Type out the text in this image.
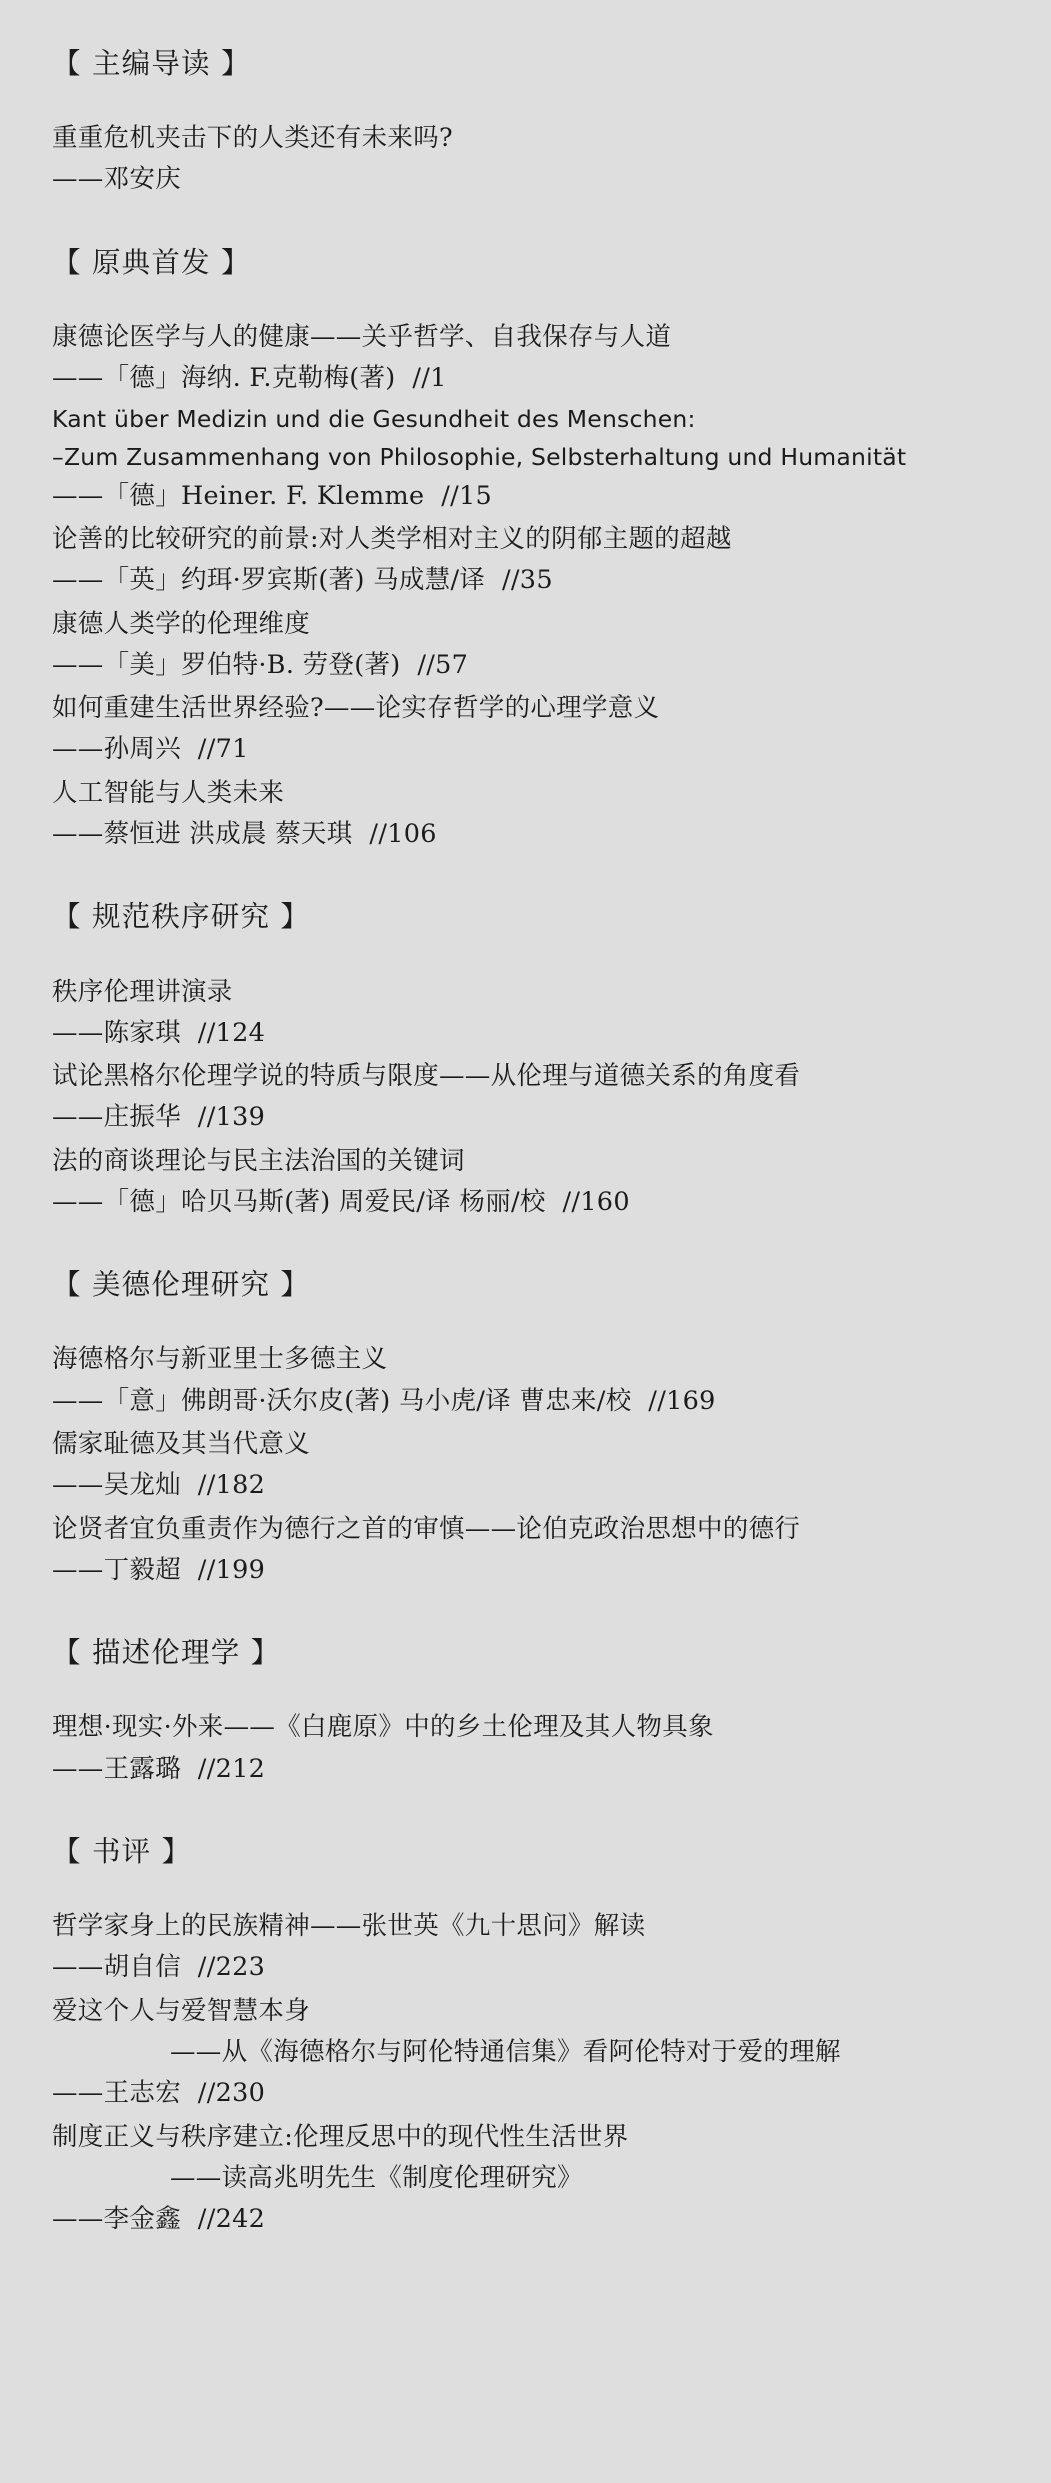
【 主编导读 】
重重危机夹击下的人类还有未来吗?
——邓安庆
【 原典首发 】
康德论医学与人的健康——关乎哲学、自我保存与人道
——「德」海纳. F.克勒梅(著)  //1
Kant über Medizin und die Gesundheit des Menschen:
–Zum Zusammenhang von Philosophie, Selbsterhaltung und Humanität
——「德」Heiner. F. Klemme  //15
论善的比较研究的前景:对人类学相对主义的阴郁主题的超越
——「英」约珥·罗宾斯(著) 马成慧/译  //35
康德人类学的伦理维度
——「美」罗伯特·B. 劳登(著)  //57
如何重建生活世界经验?——论实存哲学的心理学意义
——孙周兴  //71
人工智能与人类未来
——蔡恒进 洪成晨 蔡天琪  //106
【 规范秩序研究 】
秩序伦理讲演录
——陈家琪  //124
试论黑格尔伦理学说的特质与限度——从伦理与道德关系的角度看
——庄振华  //139
法的商谈理论与民主法治国的关键词
——「德」哈贝马斯(著) 周爱民/译 杨丽/校  //160
【 美德伦理研究 】
海德格尔与新亚里士多德主义
——「意」佛朗哥·沃尔皮(著) 马小虎/译 曹忠来/校  //169
儒家耻德及其当代意义
——吴龙灿  //182
论贤者宜负重责作为德行之首的审慎——论伯克政治思想中的德行
——丁毅超  //199
【 描述伦理学 】
理想·现实·外来——《白鹿原》中的乡土伦理及其人物具象
——王露璐  //212
【 书评 】
哲学家身上的民族精神——张世英《九十思问》解读
——胡自信  //223
爱这个人与爱智慧本身
——从《海德格尔与阿伦特通信集》看阿伦特对于爱的理解
——王志宏  //230
制度正义与秩序建立:伦理反思中的现代性生活世界
——读高兆明先生《制度伦理研究》
——李金鑫  //242
